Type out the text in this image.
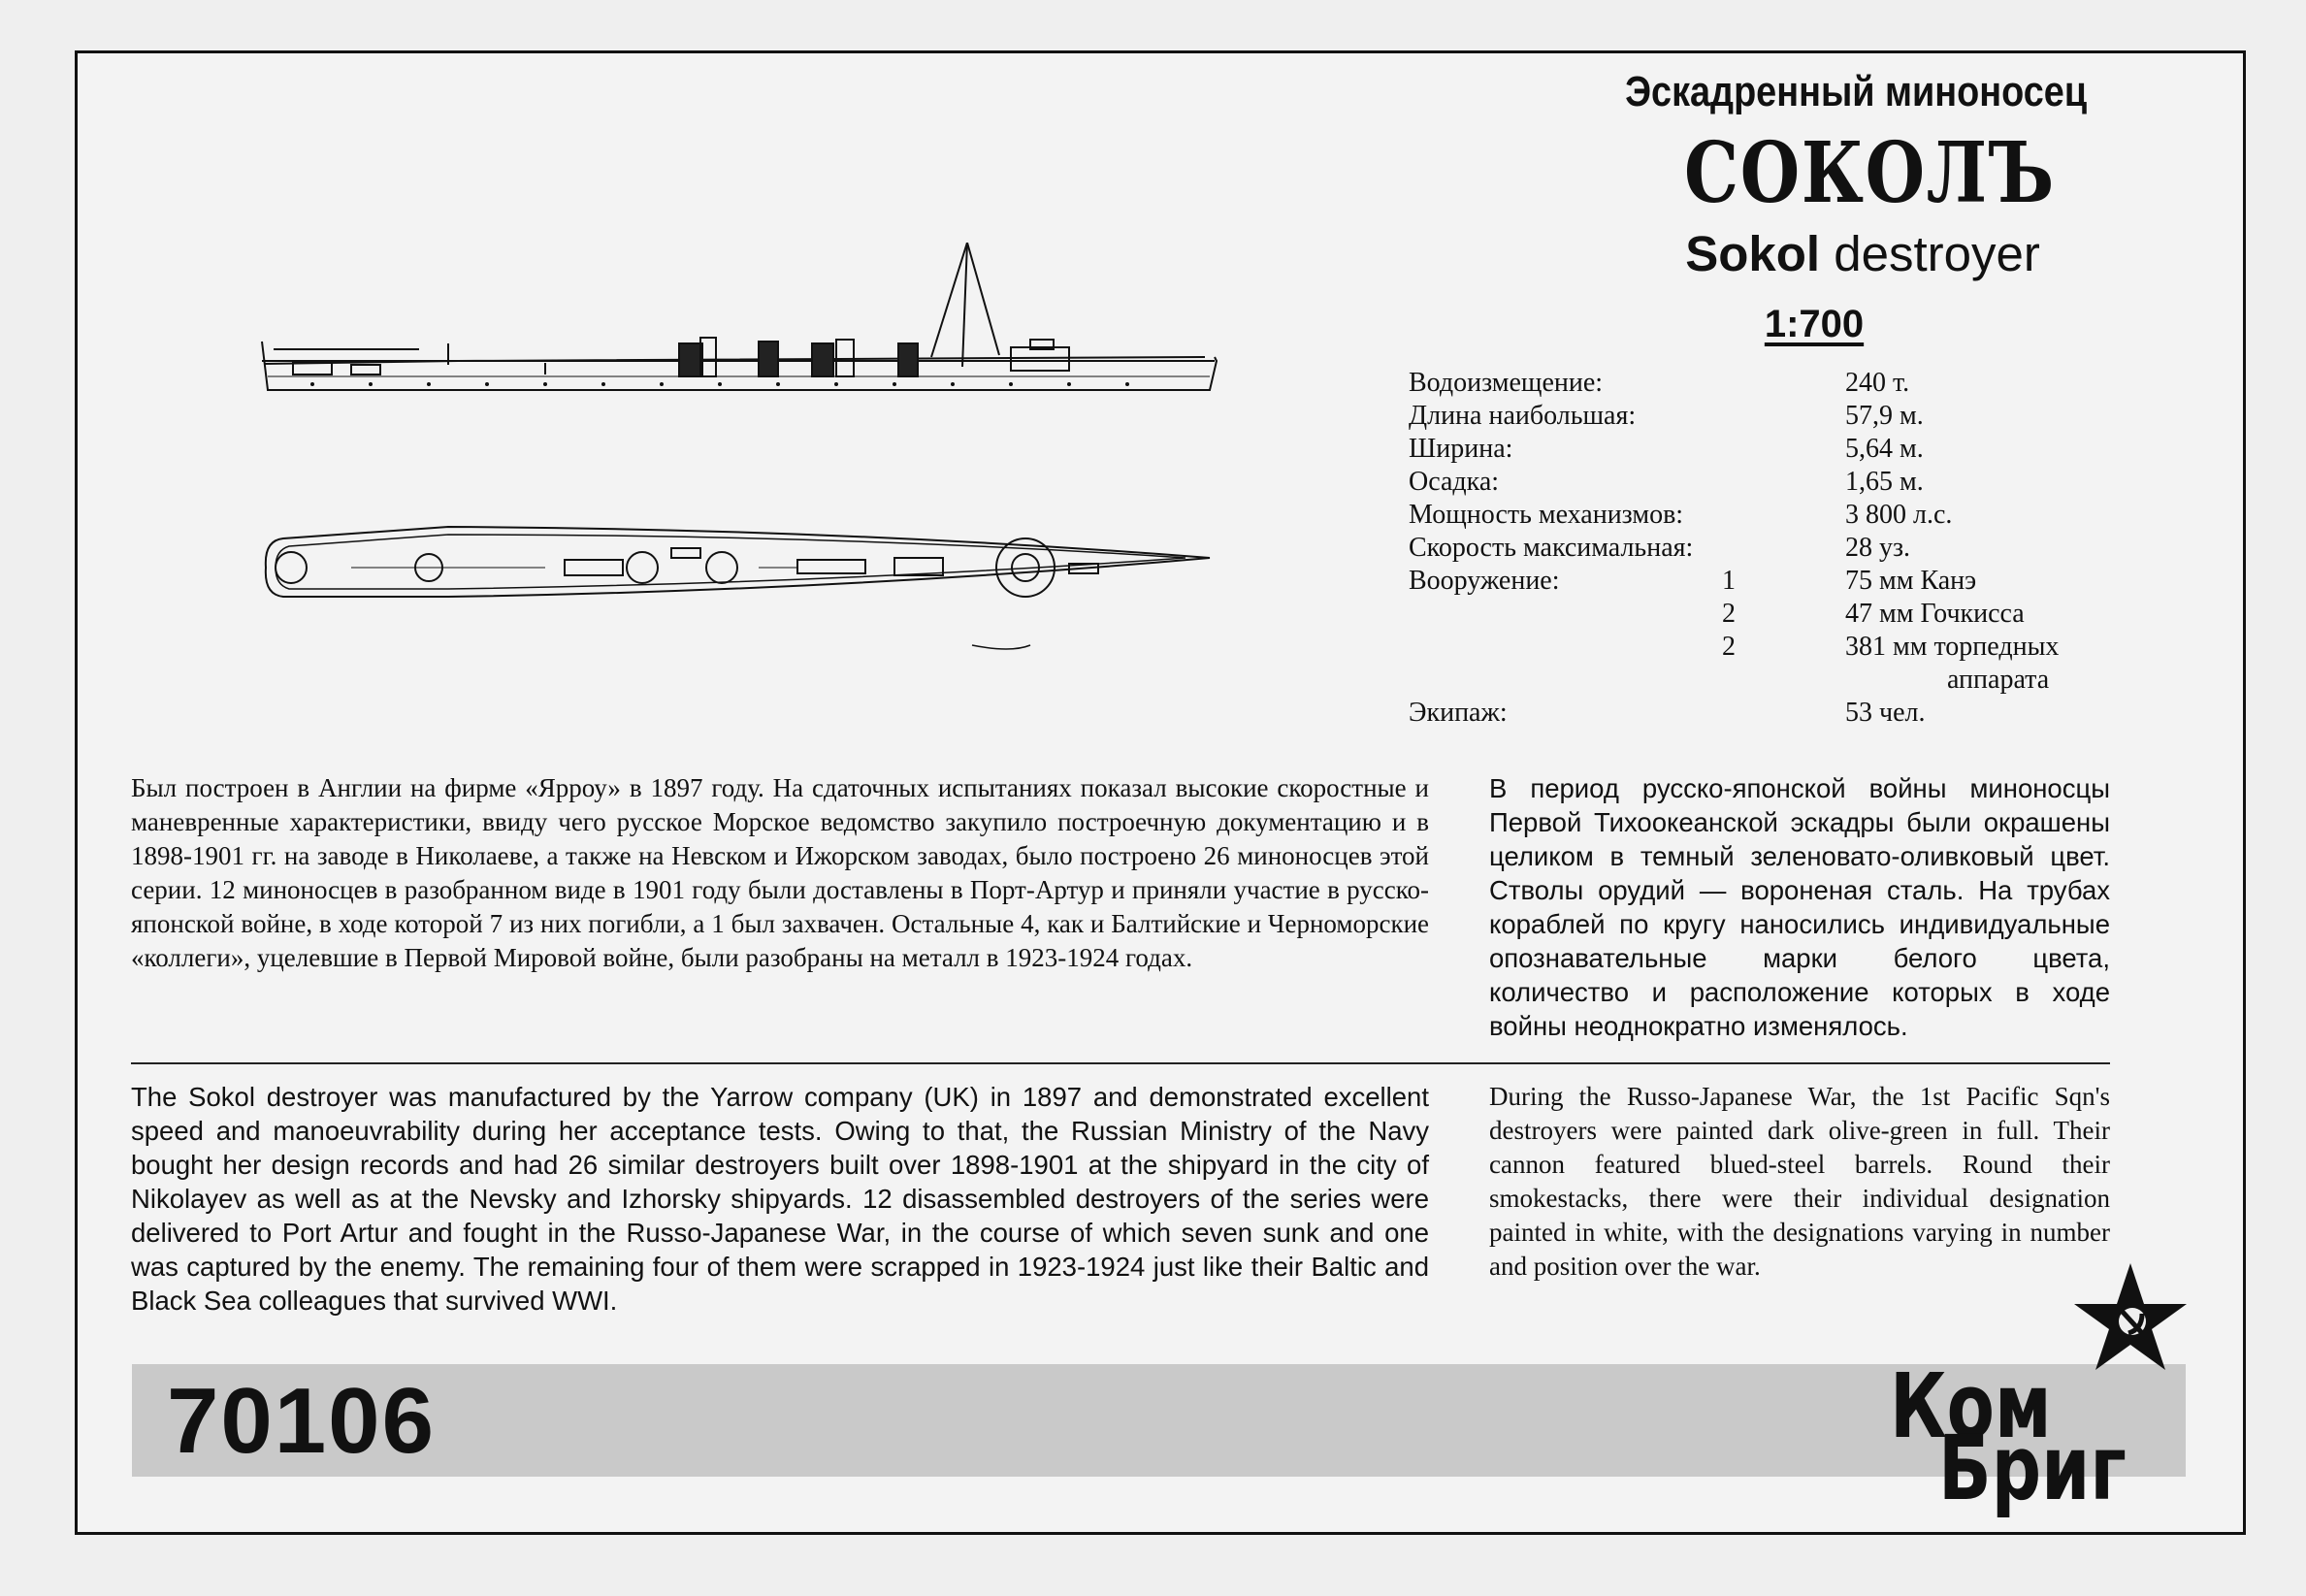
Эскадренный миноносец
СОКОЛЪ
Sokol destroyer
1:700
Водоизмещение:	240 т.
Длина наибольшая:	57,9 м.
Ширина:	5,64 м.
Осадка:	1,65 м.
Мощность механизмов:	3 800 л.с.
Скорость максимальная:	28 уз.
Вооружение:	1	75 мм Канэ
2	47 мм Гочкисса
2	381 мм торпедных
аппарата
Экипаж:	53 чел.
Был построен в Англии на фирме «Ярроу» в 1897 году. На сдаточных испытаниях показал высокие скоростные и маневренные характеристики, ввиду чего русское Морское ведомство закупило построечную документацию и в 1898-1901 гг. на заводе в Николаеве, а также на Невском и Ижорском заводах, было построено 26 миноносцев этой серии. 12 миноносцев в разобранном виде в 1901 году были доставлены в Порт-Артур и приняли участие в русско-японской войне, в ходе которой 7 из них погибли, а 1 был захвачен. Остальные 4, как и Балтийские и Черноморские «коллеги», уцелевшие в Первой Мировой войне, были разобраны на металл в 1923-1924 годах.
В период русско-японской войны миноносцы Первой Тихоокеанской эскадры были окрашены целиком в темный зеленовато-оливковый цвет. Стволы орудий — вороненая сталь. На трубах кораблей по кругу наносились индивидуальные опознавательные марки белого цвета, количество и расположение которых в ходе войны неоднократно изменялось.
The Sokol destroyer was manufactured by the Yarrow company (UK) in 1897 and demonstrated excellent speed and manoeuvrability during her acceptance tests. Owing to that, the Russian Ministry of the Navy bought her design records and had 26 similar destroyers built over 1898-1901 at the shipyard in the city of Nikolayev as well as at the Nevsky and Izhorsky shipyards. 12 disassembled destroyers of the series were delivered to Port Artur and fought in the Russo-Japanese War, in the course of which seven sunk and one was captured by the enemy. The remaining four of them were scrapped in 1923-1924 just like their Baltic and Black Sea colleagues that survived WWI.
During the Russo-Japanese War, the 1st Pacific Sqn's destroyers were painted dark olive-green in full. Their cannon featured blued-steel barrels. Round their smokestacks, there were their individual designation painted in white, with the designations varying in number and position over the war.
70106	Ком
Бриг
